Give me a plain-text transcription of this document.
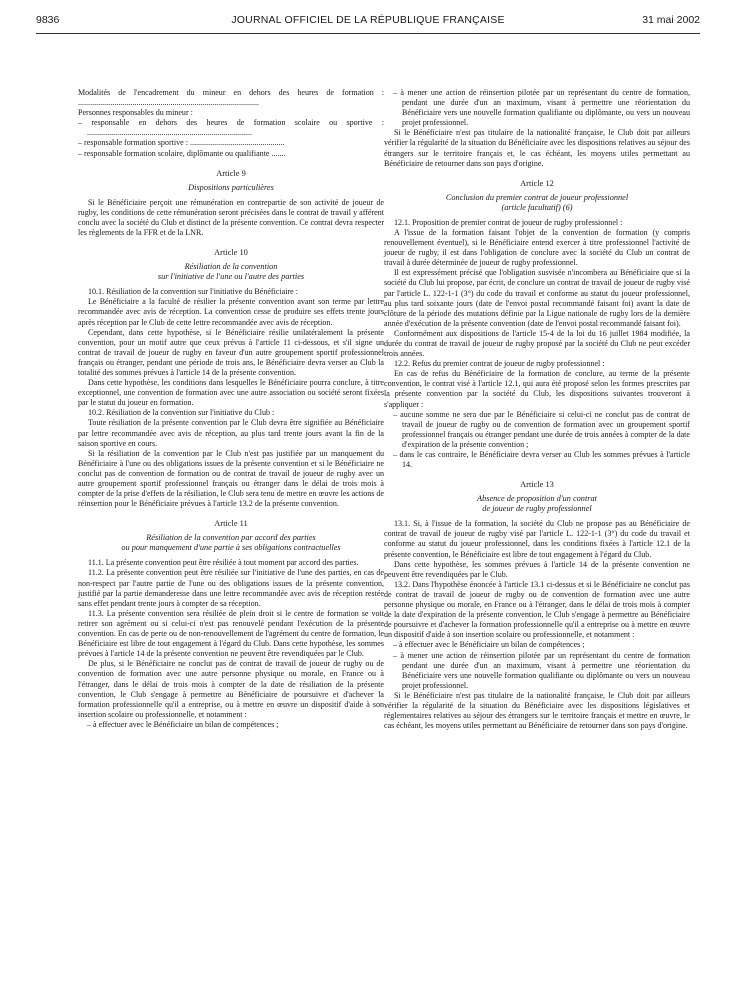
9836	JOURNAL OFFICIEL DE LA RÉPUBLIQUE FRANÇAISE	31 mai 2002

Modalités de l'encadrement du mineur en dehors des heures de formation : ..........................................................................................

Personnes responsables du mineur :

– responsable en dehors des heures de formation scolaire ou sportive : ..................................................................................

– responsable formation sportive : ...............................................

– responsable formation scolaire, diplômante ou qualifiante .......

Article 9
Dispositions particulières

Si le Bénéficiaire perçoit une rémunération en contrepartie de son activité de joueur de rugby, les conditions de cette rémunération seront précisées dans le contrat de travail y afférent conclu avec la société du Club et distinct de la présente convention. Ce contrat devra respecter les règlements de la FFR et de la LNR.

Article 10
Résiliation de la convention
sur l'initiative de l'une ou l'autre des parties

10.1. Résiliation de la convention sur l'initiative du Bénéficiaire :

Le Bénéficiaire a la faculté de résilier la présente convention avant son terme par lettre recommandée avec avis de réception. La convention cesse de produire ses effets trente jours après réception par le Club de cette lettre recommandée avec avis de réception.

Cependant, dans cette hypothèse, si le Bénéficiaire résilie unilatéralement la présente convention, pour un motif autre que ceux prévus à l'article 11 ci-dessous, et s'il signe un contrat de travail de joueur de rugby en faveur d'un autre groupement sportif professionnel français ou étranger, pendant une période de trois ans, le Bénéficiaire devra verser au Club la totalité des sommes prévues à l'article 14 de la présente convention.

Dans cette hypothèse, les conditions dans lesquelles le Bénéficiaire pourra conclure, à titre exceptionnel, une convention de formation avec une autre association ou société seront fixées par le statut du joueur en formation.

10.2. Résiliation de la convention sur l'initiative du Club :

Toute résiliation de la présente convention par le Club devra être signifiée au Bénéficiaire par lettre recommandée avec avis de réception, au plus tard trente jours avant la fin de la saison sportive en cours.

Si la résiliation de la convention par le Club n'est pas justifiée par un manquement du Bénéficiaire à l'une ou des obligations issues de la présente convention et si le Bénéficiaire ne conclut pas de convention de formation ou de contrat de travail de joueur de rugby avec un autre groupement sportif professionnel français ou étranger dans le délai de trois mois à compter de la prise d'effets de la résiliation, le Club sera tenu de mettre en œuvre les actions de réinsertion pour le Bénéficiaire prévues à l'article 13.2 de la présente convention.

Article 11
Résiliation de la convention par accord des parties
ou pour manquement d'une partie à ses obligations contractuelles

11.1. La présente convention peut être résiliée à tout moment par accord des parties.

11.2. La présente convention peut être résiliée sur l'initiative de l'une des parties, en cas de non-respect par l'autre partie de l'une ou des obligations issues de la présente convention, justifié par la partie demanderesse dans une lettre recommandée avec avis de réception restée sans effet pendant trente jours à compter de sa réception.

11.3. La présente convention sera résiliée de plein droit si le centre de formation se voit retirer son agrément ou si celui-ci n'est pas renouvelé pendant l'exécution de la présente convention. En cas de perte ou de non-renouvellement de l'agrément du centre de formation, le Bénéficiaire est libre de tout engagement à l'égard du Club. Dans cette hypothèse, les sommes prévues à l'article 14 de la présente convention ne peuvent être revendiquées par le Club.

De plus, si le Bénéficiaire ne conclut pas de contrat de travail de joueur de rugby ou de convention de formation avec une autre personne physique ou morale, en France ou à l'étranger, dans le délai de trois mois à compter de la date de résiliation de la présente convention, le Club s'engage à permettre au Bénéficiaire de poursuivre et d'achever la formation professionnelle qu'il a entreprise, ou à mettre en œuvre un dispositif d'aide à son insertion scolaire ou professionnelle, et notamment :

– à effectuer avec le Bénéficiaire un bilan de compétences ;

– à mener une action de réinsertion pilotée par un représentant du centre de formation, pendant une durée d'un an maximum, visant à permettre une réorientation du Bénéficiaire vers une nouvelle formation qualifiante ou diplômante, ou vers un nouveau projet professionnel.

Si le Bénéficiaire n'est pas titulaire de la nationalité française, le Club doit par ailleurs vérifier la régularité de la situation du Bénéficiaire avec les dispositions relatives au séjour des étrangers sur le territoire français et, le cas échéant, les moyens utiles permettant au Bénéficiaire de retourner dans son pays d'origine.

Article 12
Conclusion du premier contrat de joueur professionnel
(article facultatif) (6)

12.1. Proposition de premier contrat de joueur de rugby professionnel :

A l'issue de la formation faisant l'objet de la convention de formation (y compris renouvellement éventuel), si le Bénéficiaire entend exercer à titre professionnel l'activité de joueur de rugby, il est dans l'obligation de conclure avec la société du Club un contrat de travail à durée déterminée de joueur de rugby professionnel.

Il est expressément précisé que l'obligation susvisée n'incombera au Bénéficiaire que si la société du Club lui propose, par écrit, de conclure un contrat de travail de joueur de rugby visé par l'article L. 122-1-1 (3°) du code du travail et conforme au statut du joueur professionnel, au plus tard soixante jours (date de l'envoi postal recommandé faisant foi) avant la date de clôture de la période des mutations définie par la Ligue nationale de rugby lors de la dernière année d'exécution de la présente convention (date de l'envoi postal recommandé faisant foi).

Conformément aux dispositions de l'article 15-4 de la loi du 16 juillet 1984 modifiée, la durée du contrat de travail de joueur de rugby proposé par la société du Club ne peut excéder trois années.

12.2. Refus du premier contrat de joueur de rugby professionnel :

En cas de refus du Bénéficiaire de la formation de conclure, au terme de la présente convention, le contrat visé à l'article 12.1, qui aura été proposé selon les formes prescrites par la présente convention par la société du Club, les dispositions suivantes trouveront à s'appliquer :

– aucune somme ne sera due par le Bénéficiaire si celui-ci ne conclut pas de contrat de travail de joueur de rugby ou de convention de formation avec un groupement sportif professionnel français ou étranger pendant une durée de trois années à compter de la date d'expiration de la présente convention ;

– dans le cas contraire, le Bénéficiaire devra verser au Club les sommes prévues à l'article 14.

Article 13
Absence de proposition d'un contrat
de joueur de rugby professionnel

13.1. Si, à l'issue de la formation, la société du Club ne propose pas au Bénéficiaire de contrat de travail de joueur de rugby visé par l'article L. 122-1-1 (3°) du code du travail et conforme au statut du joueur professionnel, dans les conditions fixées à l'article 12.1 de la présente convention, le Bénéficiaire est libre de tout engagement à l'égard du Club.

Dans cette hypothèse, les sommes prévues à l'article 14 de la présente convention ne peuvent être revendiquées par le Club.

13.2. Dans l'hypothèse énoncée à l'article 13.1 ci-dessus et si le Bénéficiaire ne conclut pas de contrat de travail de joueur de rugby ou de convention de formation avec une autre personne physique ou morale, en France ou à l'étranger, dans le délai de trois mois à compter de la date d'expiration de la présente convention, le Club s'engage à permettre au Bénéficiaire de poursuivre et d'achever la formation professionnelle qu'il a entreprise ou à mettre en œuvre un dispositif d'aide à son insertion scolaire ou professionnelle, et notamment :

– à effectuer avec le Bénéficiaire un bilan de compétences ;

– à mener une action de réinsertion pilotée par un représentant du centre de formation pendant une durée d'un an maximum, visant à permettre une réorientation du Bénéficiaire vers une nouvelle formation qualifiante ou diplômante ou vers un nouveau projet professionnel.

Si le Bénéficiaire n'est pas titulaire de la nationalité française, le Club doit par ailleurs vérifier la régularité de la situation du Bénéficiaire avec les dispositions législatives et réglementaires relatives au séjour des étrangers sur le territoire français et mettre en œuvre, le cas échéant, les moyens utiles permettant au Bénéficiaire de retourner dans son pays d'origine.
